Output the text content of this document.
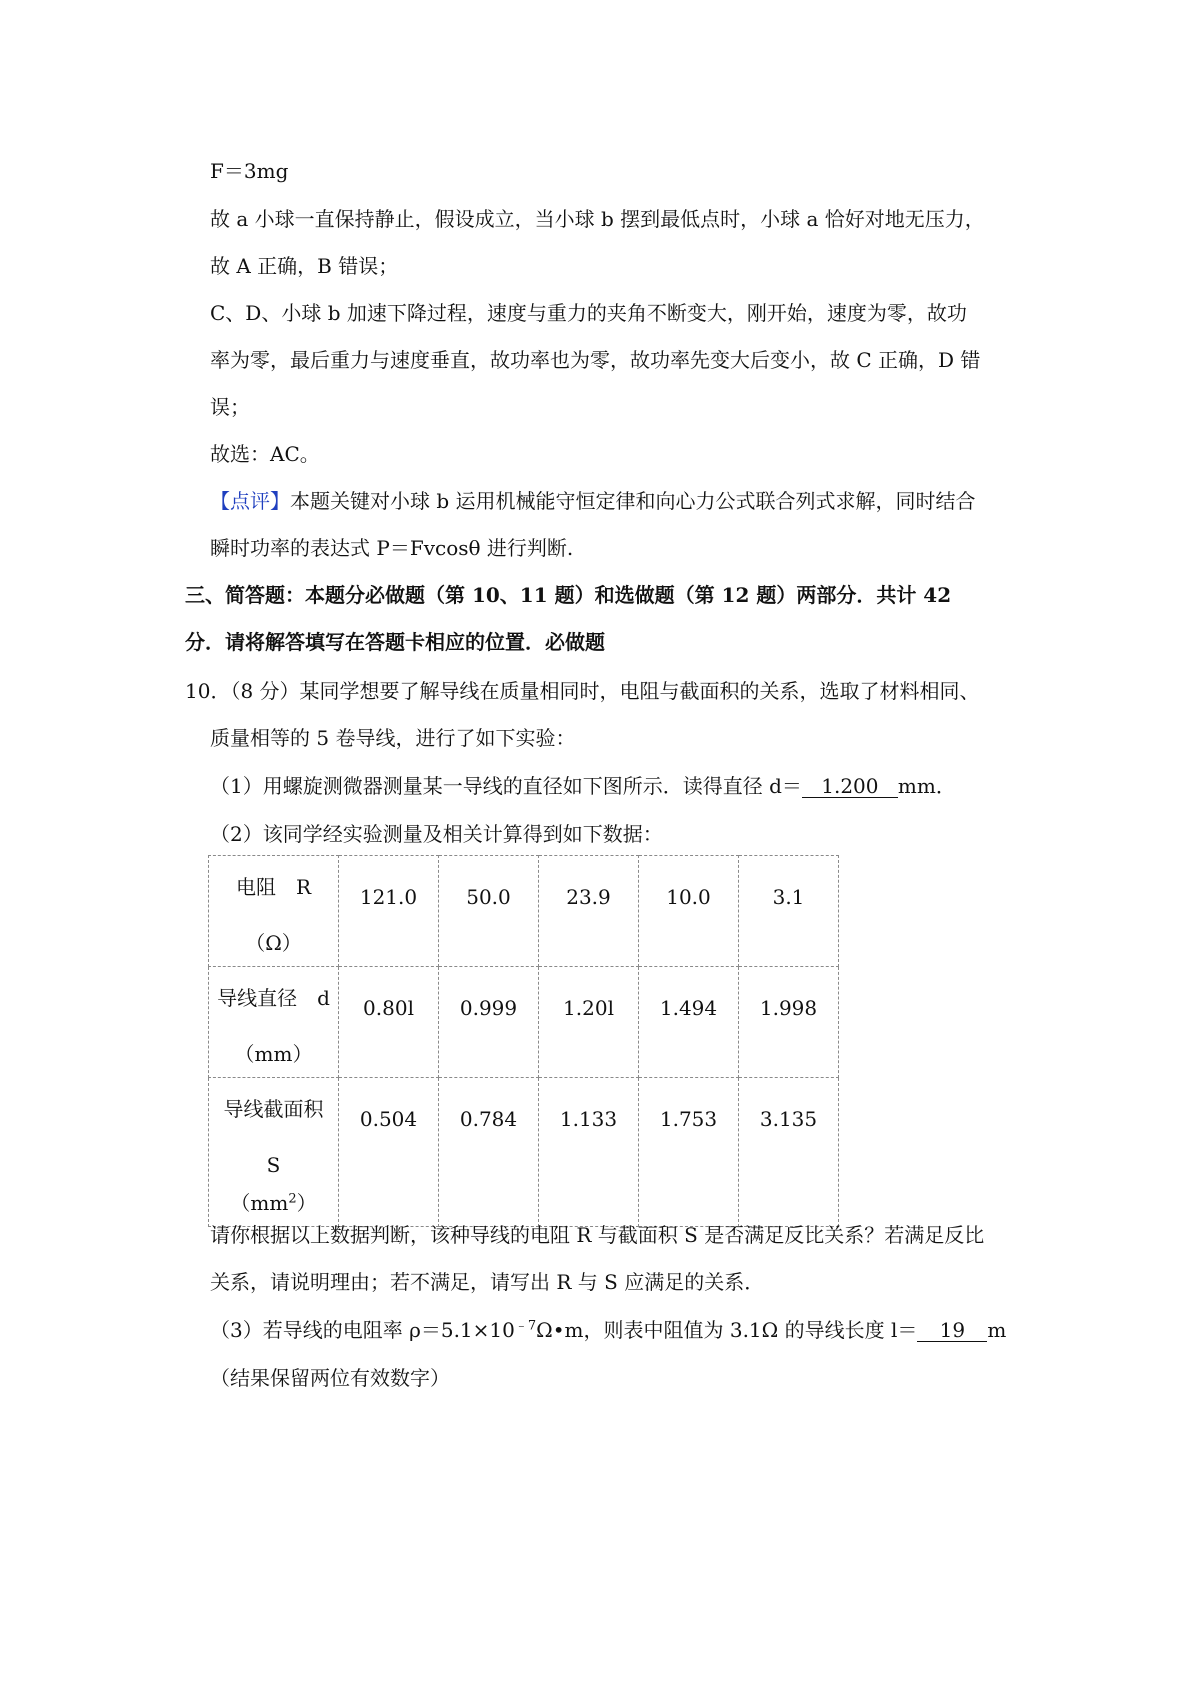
F＝3mg
故 a 小球一直保持静止，假设成立，当小球 b 摆到最低点时，小球 a 恰好对地无压力，
故 A 正确，B 错误；
C、D、小球 b 加速下降过程，速度与重力的夹角不断变大，刚开始，速度为零，故功
率为零，最后重力与速度垂直，故功率也为零，故功率先变大后变小，故 C 正确，D 错
误；
故选：AC。
【点评】本题关键对小球 b 运用机械能守恒定律和向心力公式联合列式求解，同时结合
瞬时功率的表达式 P＝Fvcosθ 进行判断.
三、简答题：本题分必做题（第 10、11 题）和选做题（第 12 题）两部分．共计 42
分．请将解答填写在答题卡相应的位置．必做题
10．（8 分）某同学想要了解导线在质量相同时，电阻与截面积的关系，选取了材料相同、
质量相等的 5 卷导线，进行了如下实验：
（1）用螺旋测微器测量某一导线的直径如下图所示．读得直径 d＝ 1.200 mm．
（2）该同学经实验测量及相关计算得到如下数据：
电阻　R
（Ω）	121.0	50.0	23.9	10.0	3.1

导线直径　d
（mm）	0.80l	0.999	1.20l	1.494	1.998

导线截面积
S
$(mm^2)$	0.504	0.784	1.133	1.753	3.135
请你根据以上数据判断，该种导线的电阻 R 与截面积 S 是否满足反比关系？若满足反比
关系，请说明理由；若不满足，请写出 R 与 S 应满足的关系．
（3）若导线的电阻率 $\rho=5.1\times 10^{﹣7}\Omega•m$，则表中阻值为 3.1Ω 的导线长度 l＝ 19 m
（结果保留两位有效数字）
